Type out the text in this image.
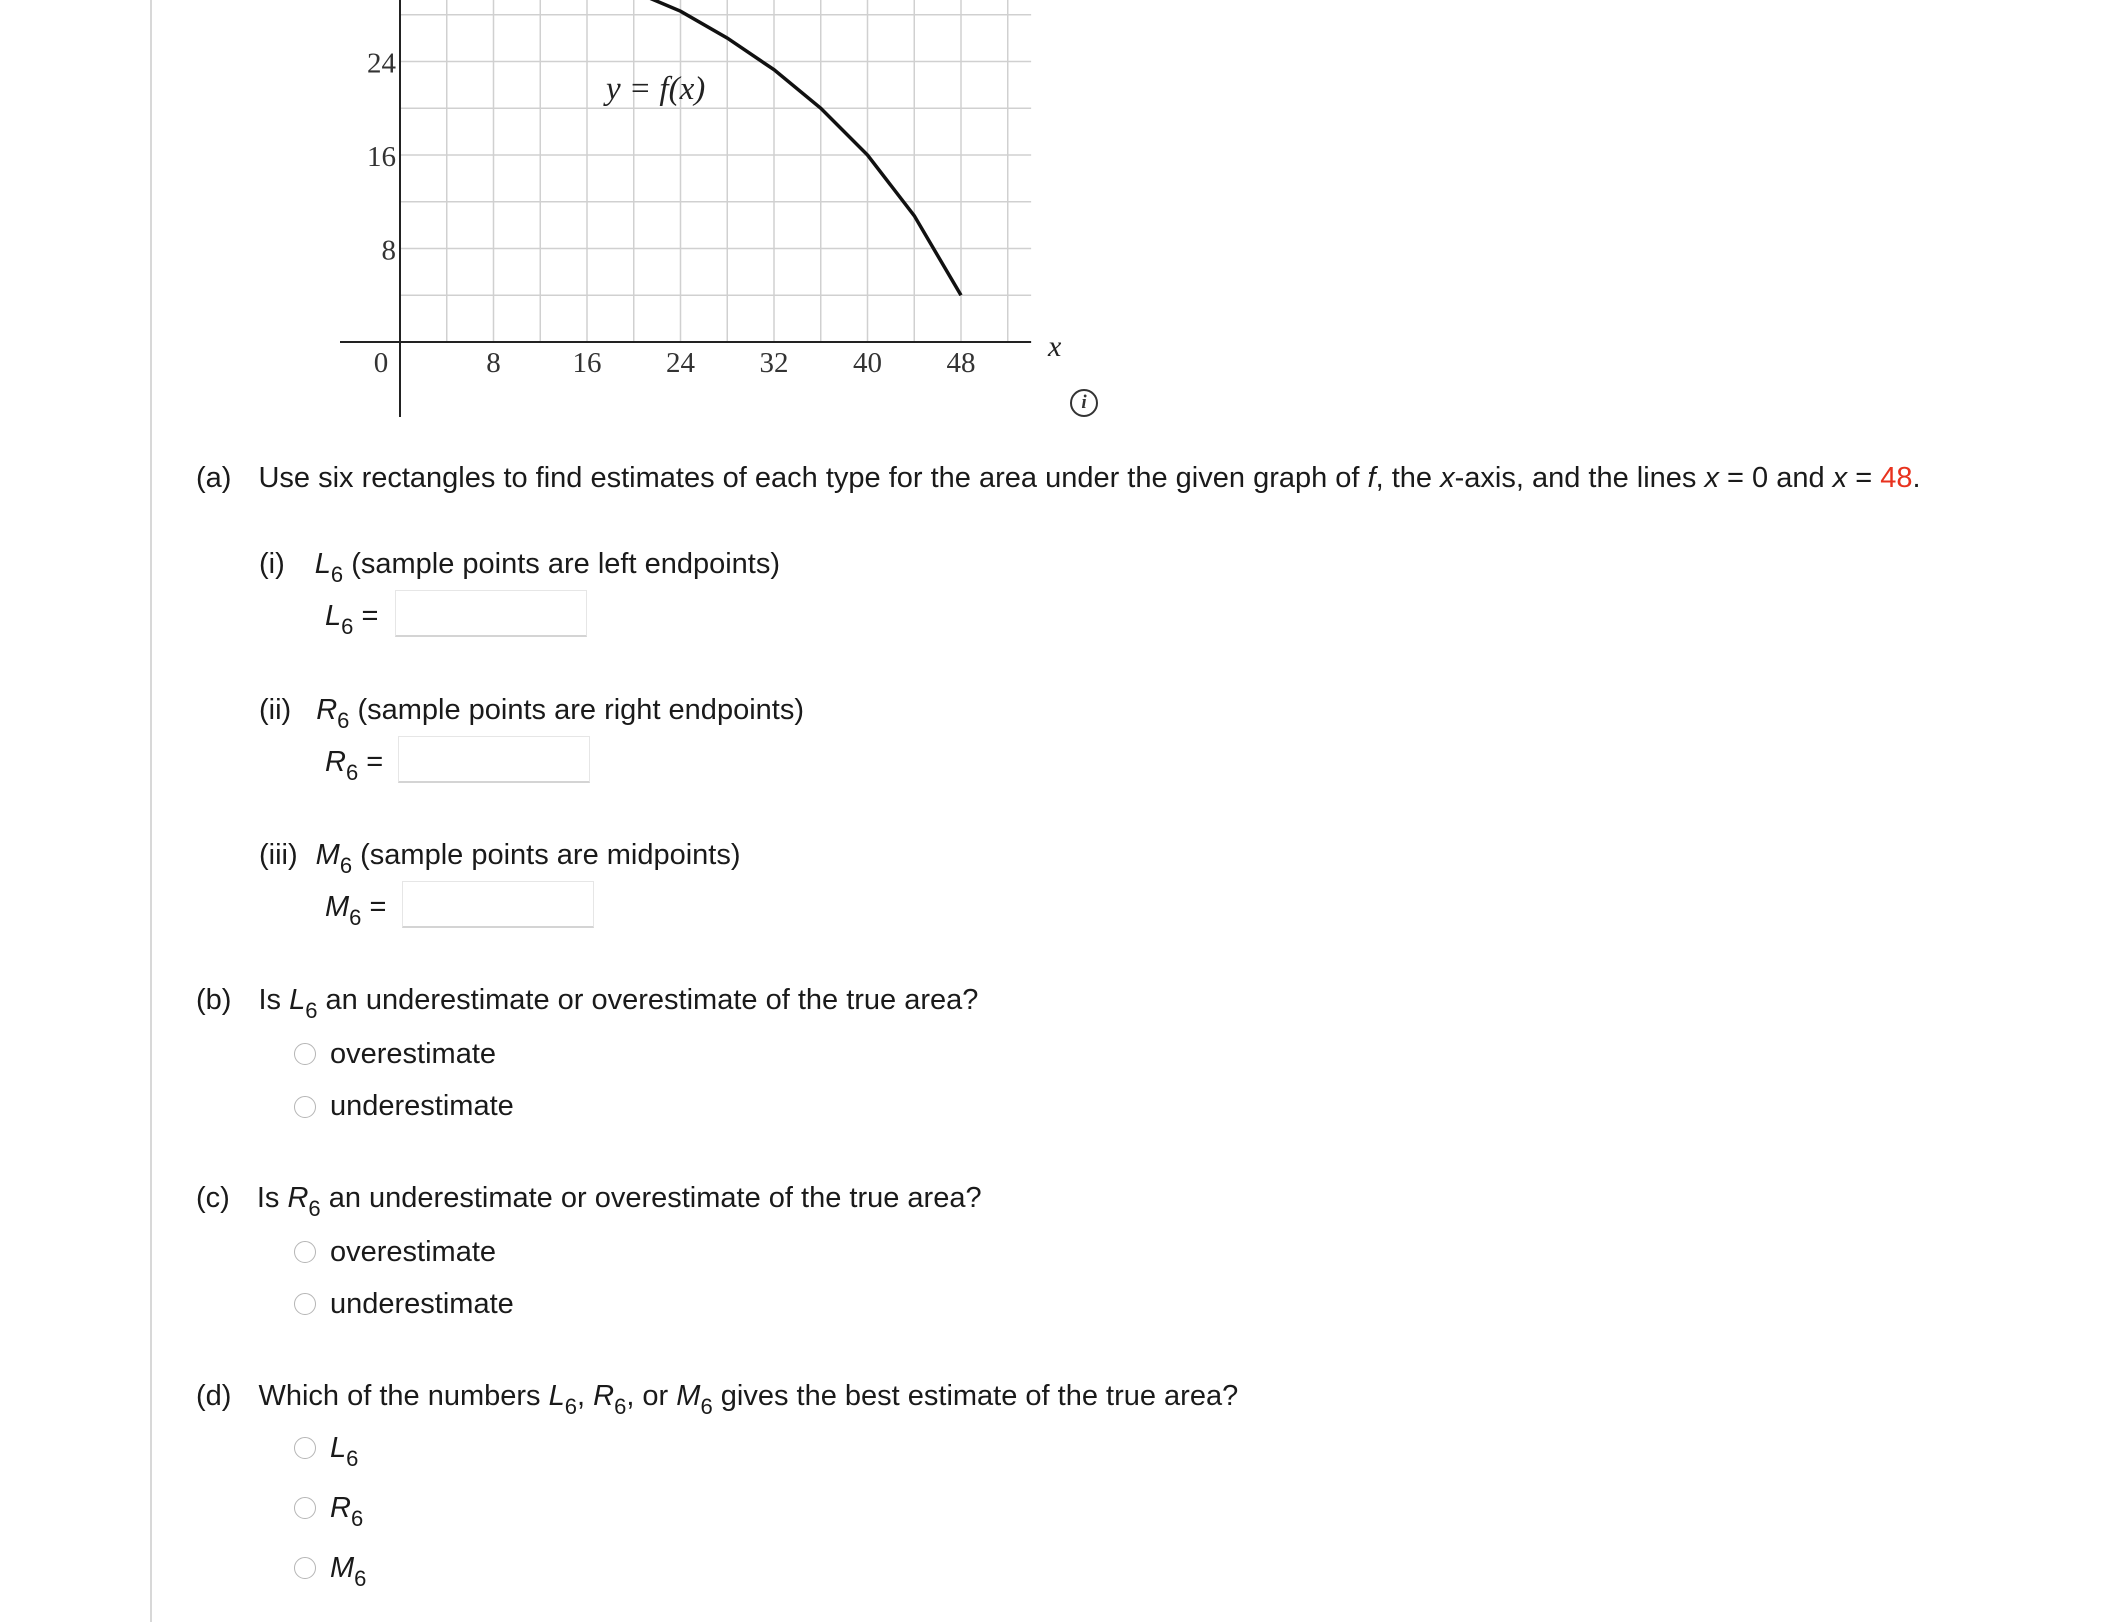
24
16
8
0	8 16 24 32 40 48 x
y = f(x)
i
(a) Use six rectangles to find estimates of each type for the area under the given graph of f, the x-axis, and the lines x = 0 and x = 48.
(i) $L_6$ (sample points are left endpoints)
$L_6$ =
(ii) $R_6$ (sample points are right endpoints)
$R_6$ =
(iii) $M_6$ (sample points are midpoints)
$M_6$ =
(b) Is $L_6$ an underestimate or overestimate of the true area?
overestimate
underestimate
(c) Is $R_6$ an underestimate or overestimate of the true area?
overestimate
underestimate
(d) Which of the numbers $L_6$, $R_6$, or $M_6$ gives the best estimate of the true area?
$L_6$
$R_6$
$M_6$
